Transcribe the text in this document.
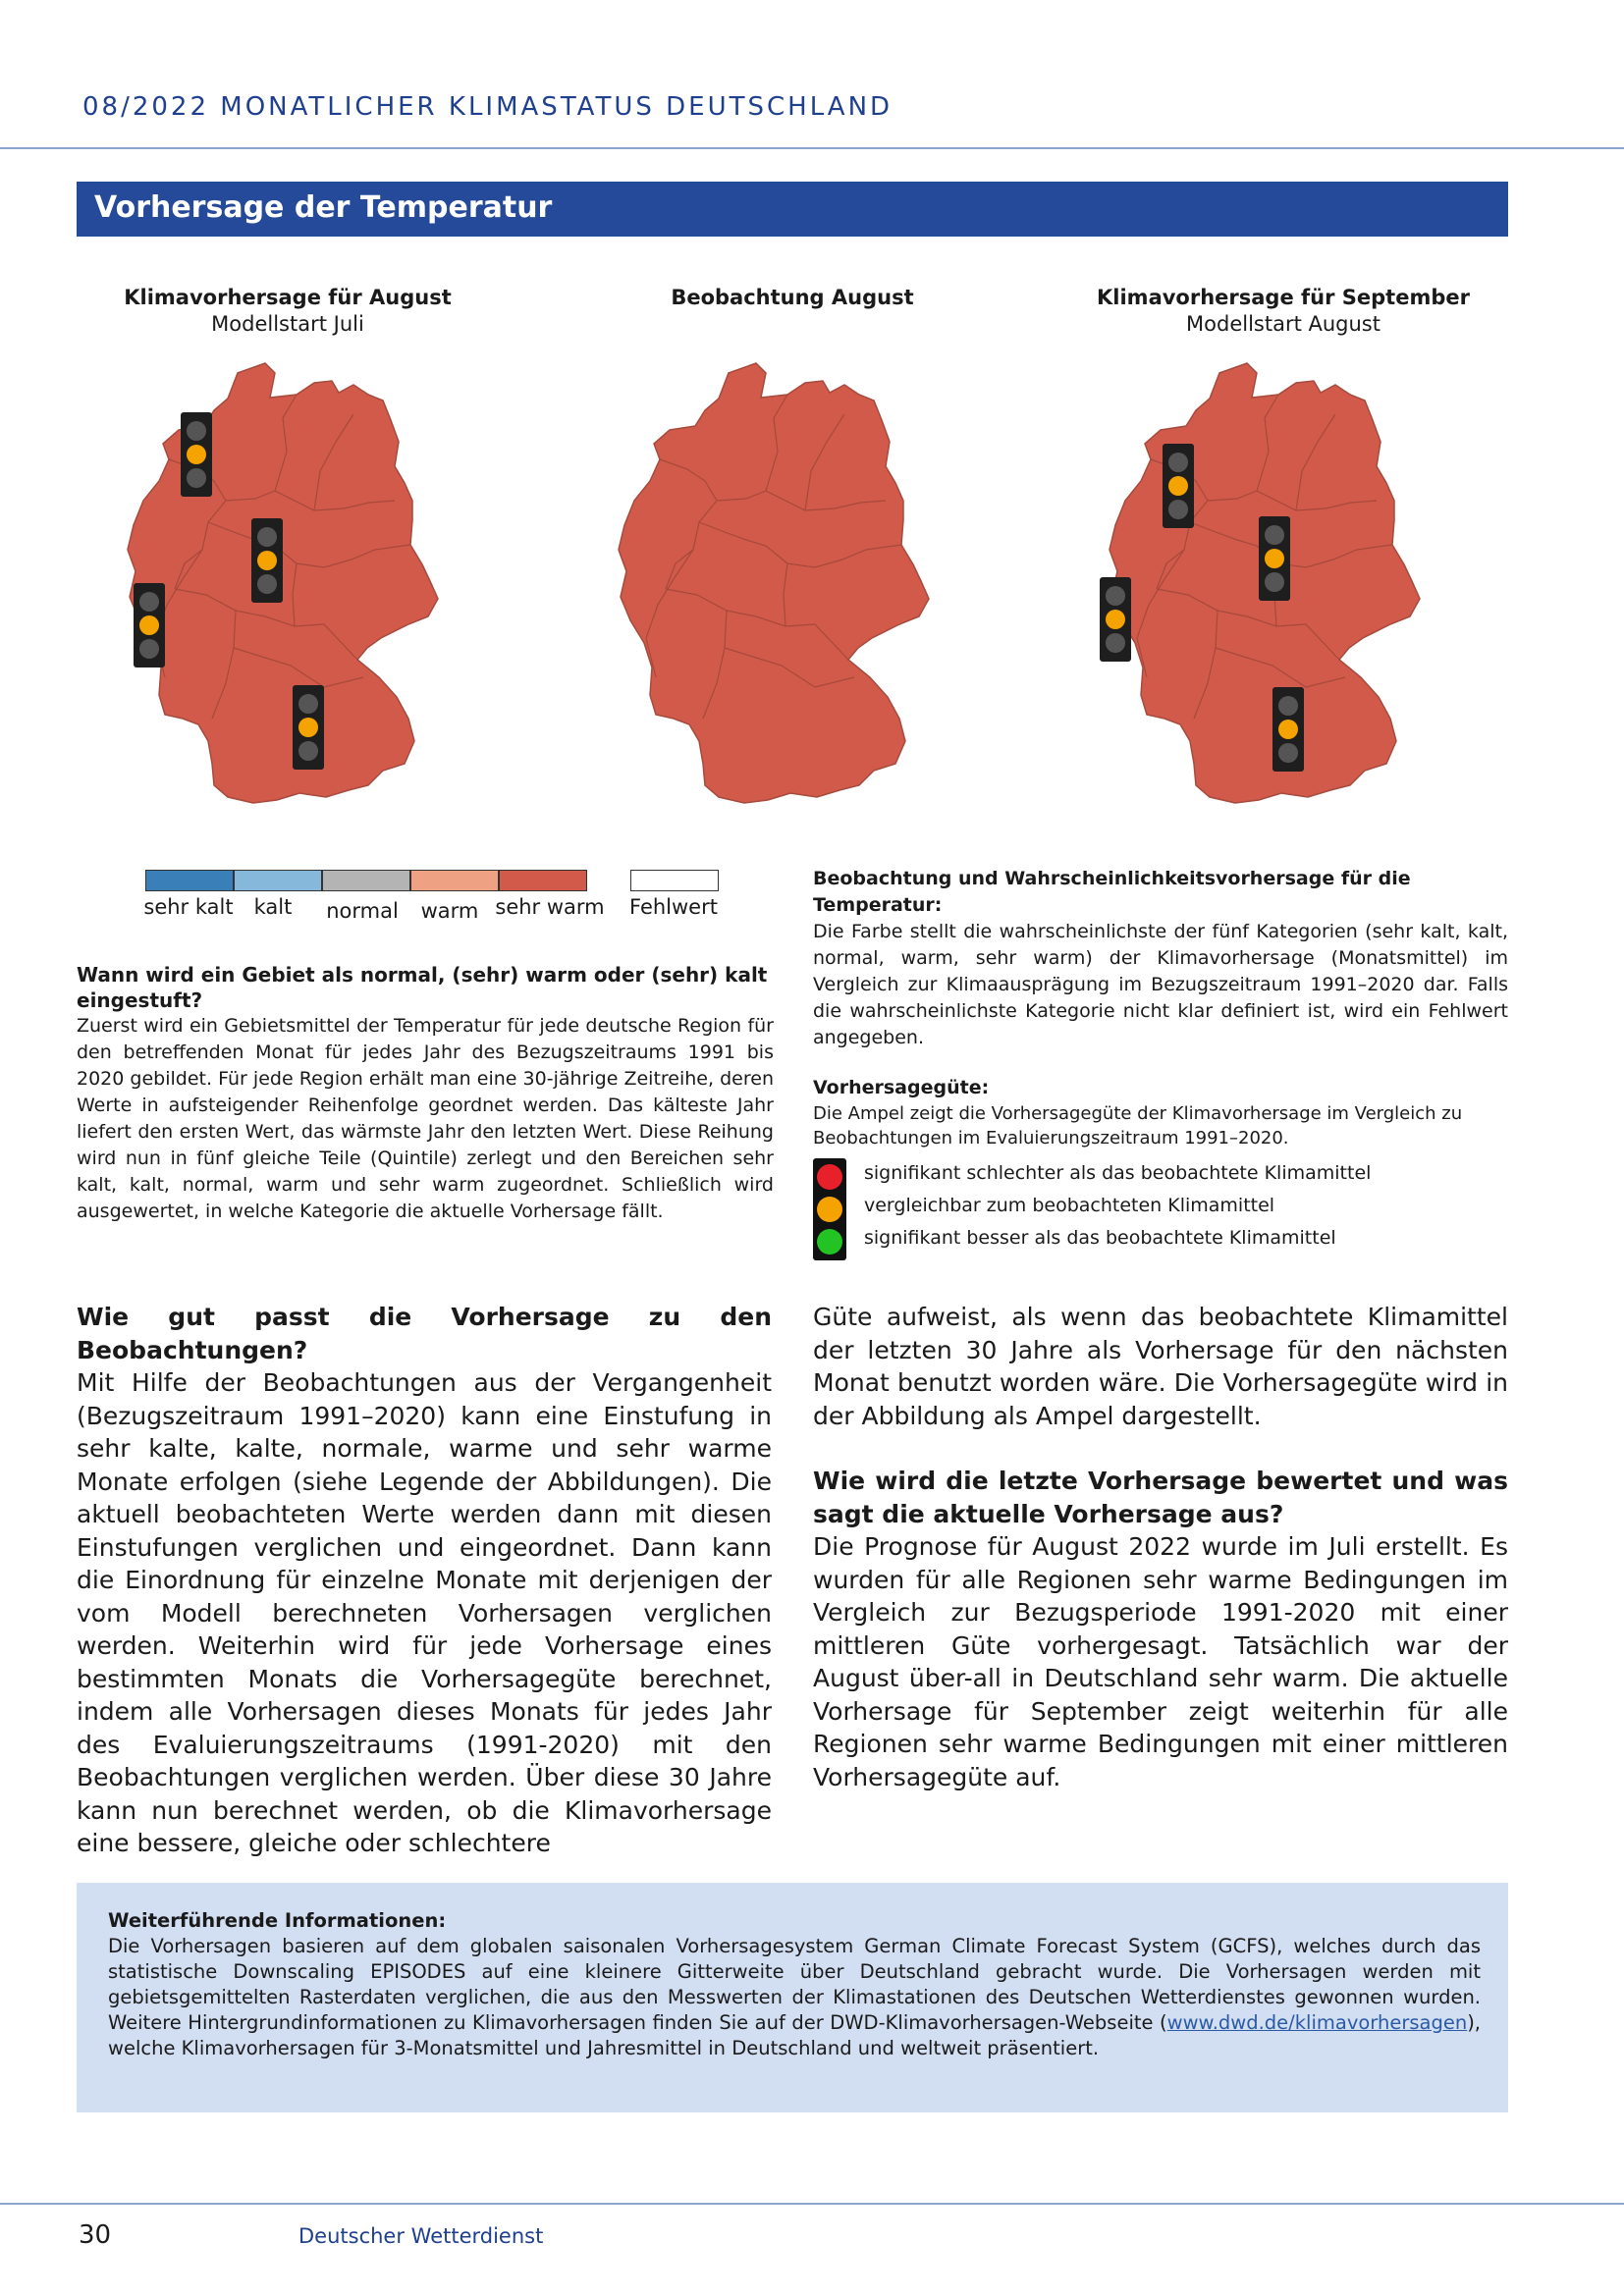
08/2022 MONATLICHER KLIMASTATUS DEUTSCHLAND
Vorhersage der Temperatur
Klimavorhersage für August
Modellstart Juli
Beobachtung August	Klimavorhersage für September
Modellstart August
sehr kalt	kalt	normal	warm sehr warm Fehlwert
Wann wird ein Gebiet als normal, (sehr) warm oder (sehr) kalt eingestuft?
Zuerst wird ein Gebietsmittel der Temperatur für jede deutsche Region für den betreffenden Monat für jedes Jahr des Bezugszeitraums 1991 bis 2020 gebildet. Für jede Region erhält man eine 30-jährige Zeitreihe, deren Werte in aufsteigender Reihenfolge geordnet werden. Das kälteste Jahr liefert den ersten Wert, das wärmste Jahr den letzten Wert. Diese Reihung wird nun in fünf gleiche Teile (Quintile) zerlegt und den Bereichen sehr kalt, kalt, normal, warm und sehr warm zugeordnet. Schließlich wird ausgewertet, in welche Kategorie die aktuelle Vorhersage fällt.
Beobachtung und Wahrscheinlichkeitsvorhersage für die Temperatur:
Die Farbe stellt die wahrscheinlichste der fünf Kategorien (sehr kalt, kalt, normal, warm, sehr warm) der Klimavorhersage (Monatsmittel) im Vergleich zur Klimaausprägung im Bezugszeitraum 1991–2020 dar. Falls die wahrscheinlichste Kategorie nicht klar definiert ist, wird ein Fehlwert angegeben.
Vorhersagegüte:
Die Ampel zeigt die Vorhersagegüte der Klimavorhersage im Vergleich zu Beobachtungen im Evaluierungszeitraum 1991–2020.
signifikant schlechter als das beobachtete Klimamittel
vergleichbar zum beobachteten Klimamittel
signifikant besser als das beobachtete Klimamittel
Wie gut passt die Vorhersage zu den Beobachtungen?

Mit Hilfe der Beobachtungen aus der Vergangenheit (Bezugszeitraum 1991–2020) kann eine Einstufung in sehr kalte, kalte, normale, warme und sehr warme Monate erfolgen (siehe Legende der Abbildungen). Die aktuell beobachteten Werte werden dann mit diesen Einstufungen verglichen und eingeordnet. Dann kann die Einordnung für einzelne Monate mit derjenigen der vom Modell berechneten Vorhersagen verglichen werden. Weiterhin wird für jede Vorhersage eines bestimmten Monats die Vorhersagegüte berechnet, indem alle Vorhersagen dieses Monats für jedes Jahr des Evaluierungszeitraums (1991-2020) mit den Beobachtungen verglichen werden. Über diese 30 Jahre kann nun berechnet werden, ob die Klimavorhersage eine bessere, gleiche oder schlechtere

Güte aufweist, als wenn das beobachtete Klimamittel der letzten 30 Jahre als Vorhersage für den nächsten Monat benutzt worden wäre. Die Vorhersagegüte wird in der Abbildung als Ampel dargestellt.

Wie wird die letzte Vorhersage bewertet und was sagt die aktuelle Vorhersage aus?

Die Prognose für August 2022 wurde im Juli erstellt. Es wurden für alle Regionen sehr warme Bedingungen im Vergleich zur Bezugsperiode 1991-2020 mit einer mittleren Güte vorhergesagt. Tatsächlich war der August über-all in Deutschland sehr warm. Die aktuelle Vorhersage für September zeigt weiterhin für alle Regionen sehr warme Bedingungen mit einer mittleren Vorhersagegüte auf.

Weiterführende Informationen:
Die Vorhersagen basieren auf dem globalen saisonalen Vorhersagesystem German Climate Forecast System (GCFS), welches durch das statistische Downscaling EPISODES auf eine kleinere Gitterweite über Deutschland gebracht wurde. Die Vorhersagen werden mit gebietsgemittelten Rasterdaten verglichen, die aus den Messwerten der Klimastationen des Deutschen Wetterdienstes gewonnen wurden. Weitere Hintergrundinformationen zu Klimavorhersagen finden Sie auf der DWD-Klimavorhersagen-Webseite (www.dwd.de/klimavorhersagen), welche Klimavorhersagen für 3-Monatsmittel und Jahresmittel in Deutschland und weltweit präsentiert.
30	Deutscher Wetterdienst
